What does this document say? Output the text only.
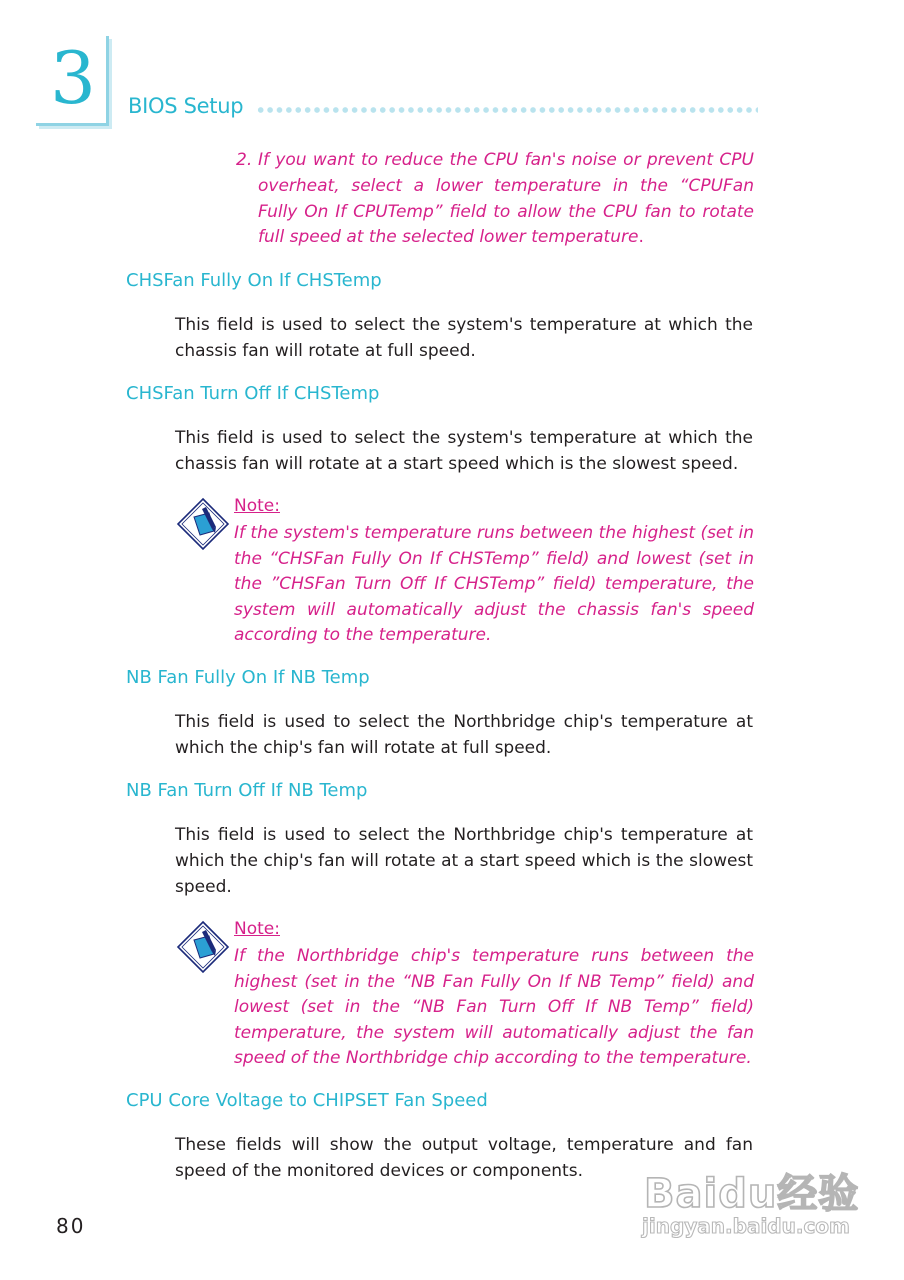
3 BIOS Setup
2. If you want to reduce the CPU fan's noise or prevent CPU overheat, select a lower temperature in the “CPUFan Fully On If CPUTemp” field to allow the CPU fan to rotate full speed at the selected lower temperature.
CHSFan Fully On If CHSTemp
This field is used to select the system's temperature at which the chassis fan will rotate at full speed.
CHSFan Turn Off If CHSTemp
This field is used to select the system's temperature at which the chassis fan will rotate at a start speed which is the slowest speed.
Note:
If the system's temperature runs between the highest (set in the “CHSFan Fully On If CHSTemp” field) and lowest (set in the ”CHSFan Turn Off If CHSTemp” field) temperature, the system will automatically adjust the chassis fan's speed according to the temperature.
NB Fan Fully On If NB Temp
This field is used to select the Northbridge chip's temperature at which the chip's fan will rotate at full speed.
NB Fan Turn Off If NB Temp
This field is used to select the Northbridge chip's temperature at which the chip's fan will rotate at a start speed which is the slowest speed.
Note:
If the Northbridge chip's temperature runs between the highest (set in the “NB Fan Fully On If NB Temp” field) and lowest (set in the “NB Fan Turn Off If NB Temp” field) temperature, the system will automatically adjust the fan speed of the Northbridge chip according to the temperature.
CPU Core Voltage to CHIPSET Fan Speed
These fields will show the output voltage, temperature and fan speed of the monitored devices or components.
80
Baidu经验
jingyan.baidu.com
